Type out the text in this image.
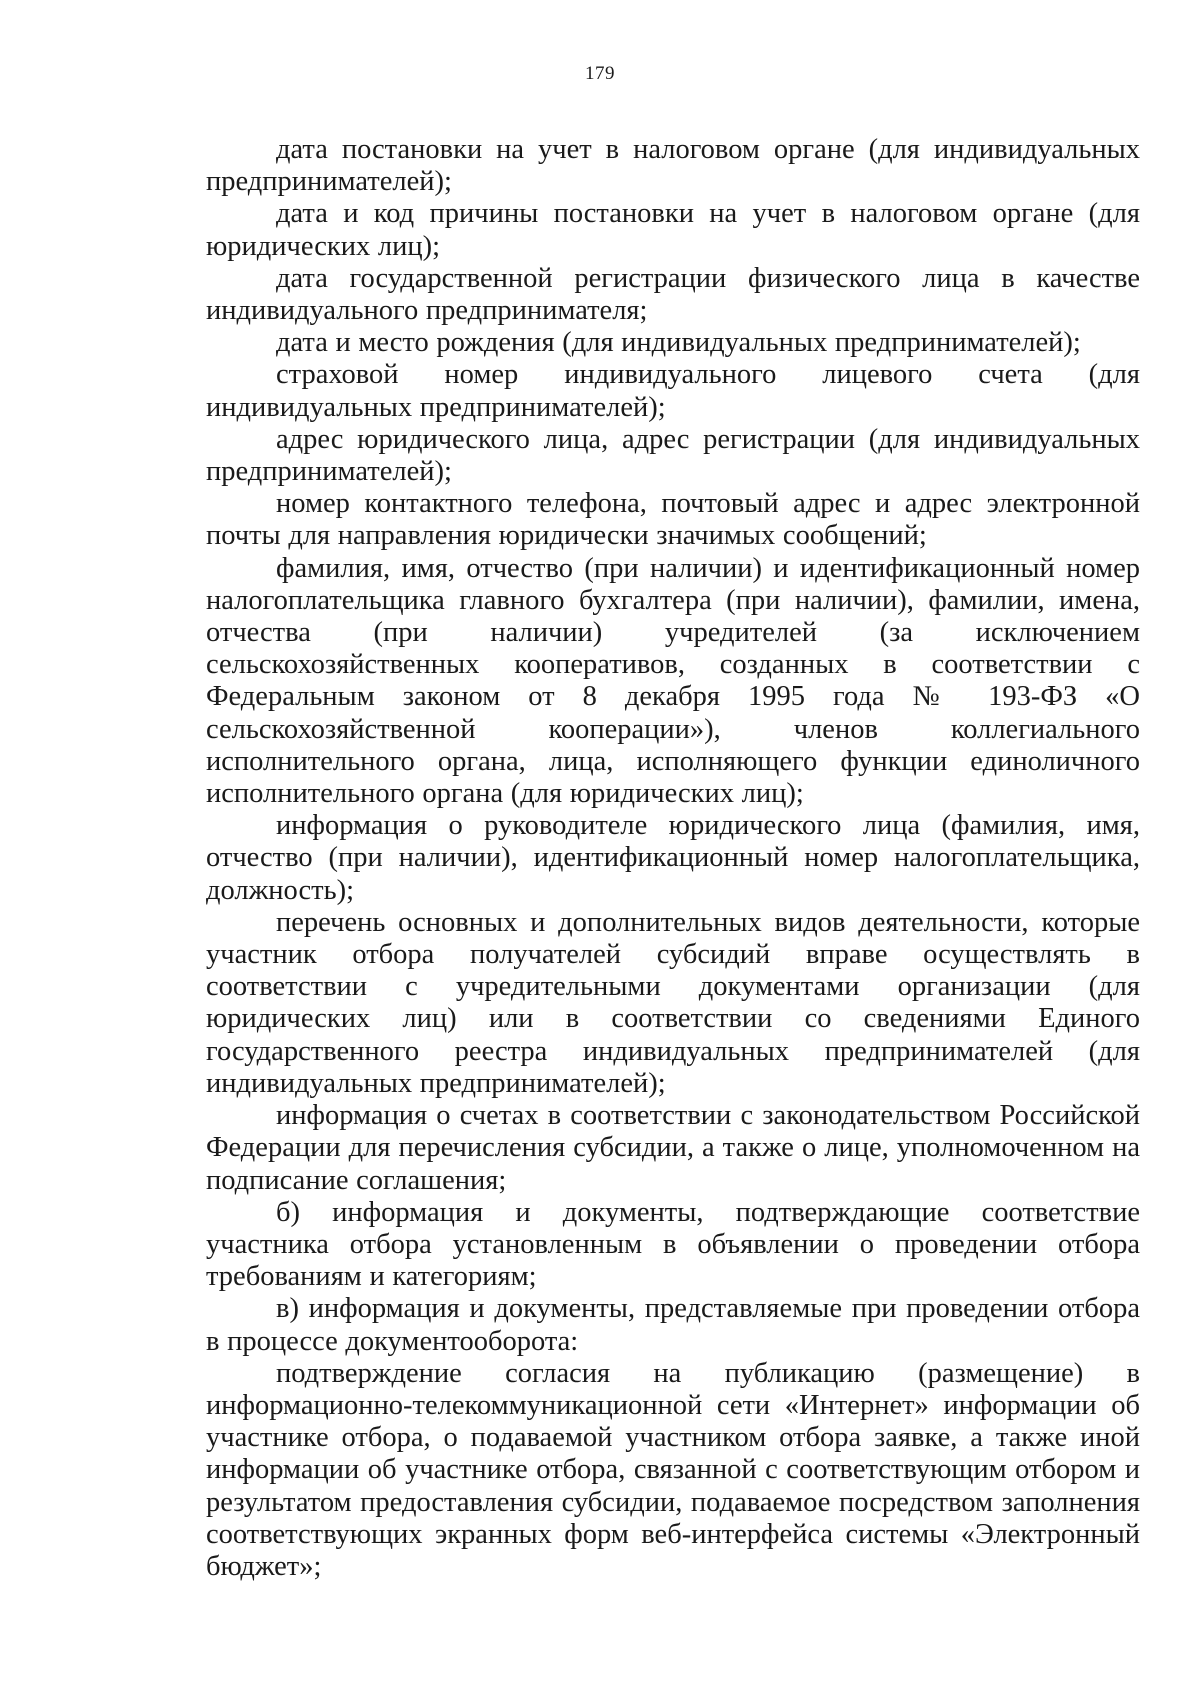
179

дата постановки на учет в налоговом органе (для индивидуальных предпринимателей);

дата и код причины постановки на учет в налоговом органе (для юридических лиц);

дата государственной регистрации физического лица в качестве индивидуального предпринимателя;

дата и место рождения (для индивидуальных предпринимателей);

страховой номер индивидуального лицевого счета (для индивидуальных предпринимателей);

адрес юридического лица, адрес регистрации (для индивидуальных предпринимателей);

номер контактного телефона, почтовый адрес и адрес электронной почты для направления юридически значимых сообщений;

фамилия, имя, отчество (при наличии) и идентификационный номер налогоплательщика главного бухгалтера (при наличии), фамилии, имена, отчества (при наличии) учредителей (за исключением сельскохозяйственных кооперативов, созданных в соответствии с Федеральным законом от 8 декабря 1995 года № 193-ФЗ «О сельскохозяйственной кооперации»), членов коллегиального исполнительного органа, лица, исполняющего функции единоличного исполнительного органа (для юридических лиц);

информация о руководителе юридического лица (фамилия, имя, отчество (при наличии), идентификационный номер налогоплательщика, должность);

перечень основных и дополнительных видов деятельности, которые участник отбора получателей субсидий вправе осуществлять в соответствии с учредительными документами организации (для юридических лиц) или в соответствии со сведениями Единого государственного реестра индивидуальных предпринимателей (для индивидуальных предпринимателей);

информация о счетах в соответствии с законодательством Российской Федерации для перечисления субсидии, а также о лице, уполномоченном на подписание соглашения;

б) информация и документы, подтверждающие соответствие участника отбора установленным в объявлении о проведении отбора требованиям и категориям;

в) информация и документы, представляемые при проведении отбора в процессе документооборота:

подтверждение согласия на публикацию (размещение) в информационно-телекоммуникационной сети «Интернет» информации об участнике отбора, о подаваемой участником отбора заявке, а также иной информации об участнике отбора, связанной с соответствующим отбором и результатом предоставления субсидии, подаваемое посредством заполнения соответствующих экранных форм веб-интерфейса системы «Электронный бюджет»;
